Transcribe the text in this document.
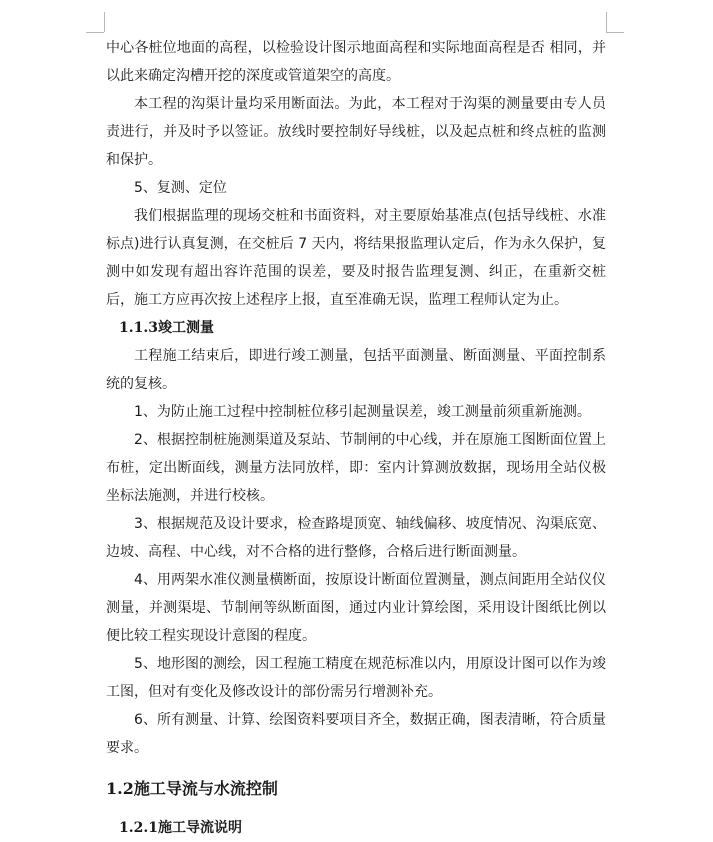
中心各桩位地面的高程，以检验设计图示地面高程和实际地面高程是否 相同，并以此来确定沟槽开挖的深度或管道架空的高度。

本工程的沟渠计量均采用断面法。为此，本工程对于沟渠的测量要由专人员责进行，并及时予以签证。放线时要控制好导线桩，以及起点桩和终点桩的监测和保护。

5、复测、定位

我们根据监理的现场交桩和书面资料，对主要原始基准点(包括导线桩、水准标点)进行认真复测，在交桩后 7 天内，将结果报监理认定后，作为永久保护，复测中如发现有超出容许范围的误差，要及时报告监理复测、纠正，在重新交桩后，施工方应再次按上述程序上报，直至准确无误，监理工程师认定为止。

1.1.3竣工测量

工程施工结束后，即进行竣工测量，包括平面测量、断面测量、平面控制系统的复核。

1、为防止施工过程中控制桩位移引起测量误差，竣工测量前须重新施测。

2、根据控制桩施测渠道及泵站、节制闸的中心线，并在原施工图断面位置上布桩，定出断面线，测量方法同放样，即：室内计算测放数据，现场用全站仪极坐标法施测，并进行校核。

3、根据规范及设计要求，检查路堤顶宽、轴线偏移、坡度情况、沟渠底宽、边坡、高程、中心线，对不合格的进行整修，合格后进行断面测量。

4、用两架水准仪测量横断面，按原设计断面位置测量，测点间距用全站仪仪测量，并测渠堤、节制闸等纵断面图，通过内业计算绘图，采用设计图纸比例以便比较工程实现设计意图的程度。

5、地形图的测绘，因工程施工精度在规范标准以内，用原设计图可以作为竣工图，但对有变化及修改设计的部份需另行增测补充。

6、所有测量、计算、绘图资料要项目齐全，数据正确，图表清晰，符合质量要求。

1.2施工导流与水流控制
1.2.1施工导流说明
